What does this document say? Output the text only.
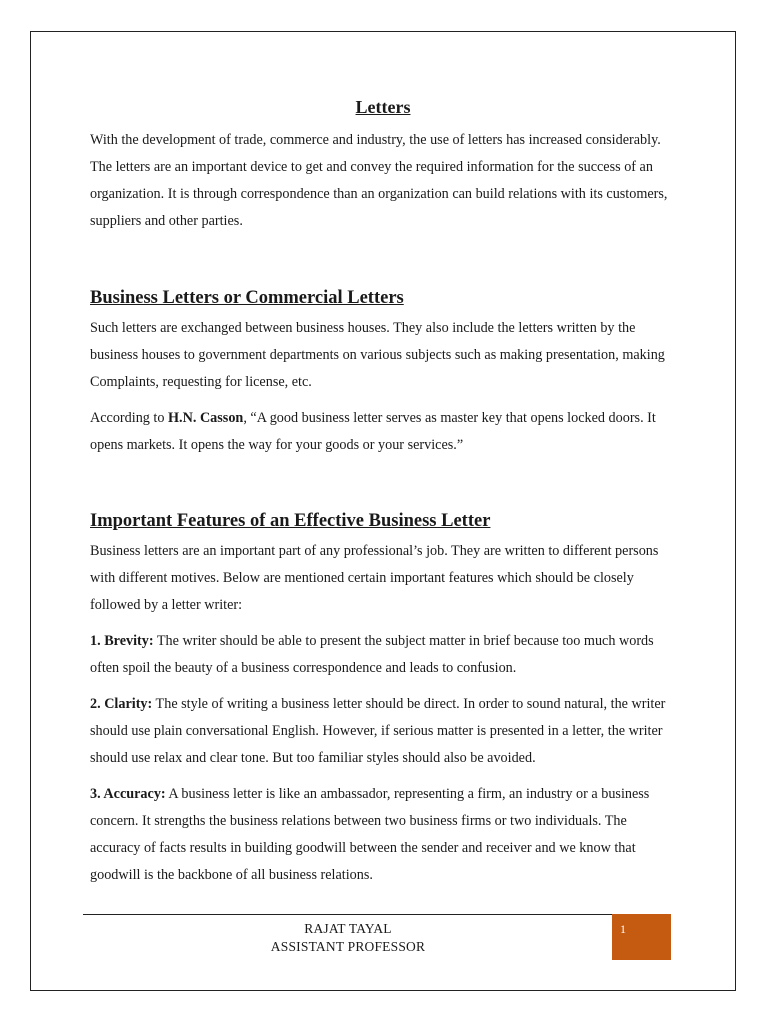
Letters

With the development of trade, commerce and industry, the use of letters has increased considerably. The letters are an important device to get and convey the required information for the success of an organization. It is through correspondence than an organization can build relations with its customers, suppliers and other parties.

Business Letters or Commercial Letters

Such letters are exchanged between business houses. They also include the letters written by the business houses to government departments on various subjects such as making presentation, making Complaints, requesting for license, etc.

According to H.N. Casson, “A good business letter serves as master key that opens locked doors. It opens markets. It opens the way for your goods or your services.”

Important Features of an Effective Business Letter

Business letters are an important part of any professional’s job. They are written to different persons with different motives. Below are mentioned certain important features which should be closely followed by a letter writer:

1. Brevity: The writer should be able to present the subject matter in brief because too much words often spoil the beauty of a business correspondence and leads to confusion.

2. Clarity: The style of writing a business letter should be direct. In order to sound natural, the writer should use plain conversational English. However, if serious matter is presented in a letter, the writer should use relax and clear tone. But too familiar styles should also be avoided.

3. Accuracy: A business letter is like an ambassador, representing a firm, an industry or a business concern. It strengths the business relations between two business firms or two individuals. The accuracy of facts results in building goodwill between the sender and receiver and we know that goodwill is the backbone of all business relations.

RAJAT TAYAL
ASSISTANT PROFESSOR
1
